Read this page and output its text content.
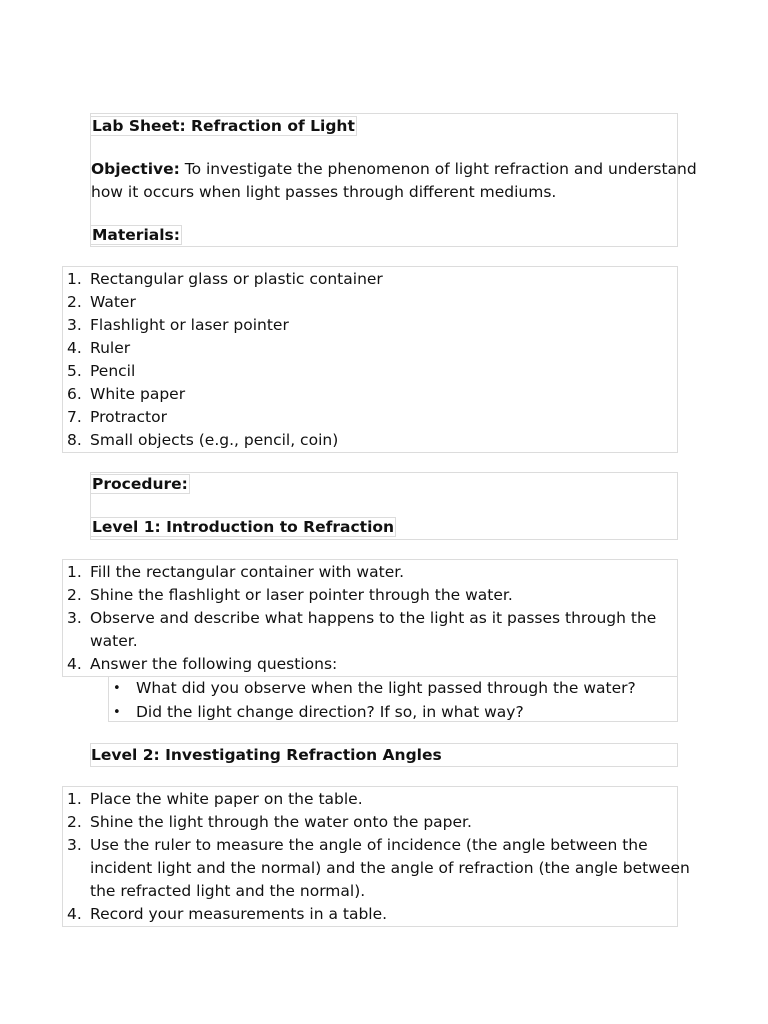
Lab Sheet: Refraction of Light
Objective: To investigate the phenomenon of light refraction and understand
how it occurs when light passes through different mediums.
Materials:
1. Rectangular glass or plastic container
2. Water
3. Flashlight or laser pointer
4. Ruler
5. Pencil
6. White paper
7. Protractor
8. Small objects (e.g., pencil, coin)
Procedure:
Level 1: Introduction to Refraction
1. Fill the rectangular container with water.
2. Shine the flashlight or laser pointer through the water.
3. Observe and describe what happens to the light as it passes through the
water.
4. Answer the following questions:
• What did you observe when the light passed through the water?
• Did the light change direction? If so, in what way?
Level 2: Investigating Refraction Angles
1. Place the white paper on the table.
2. Shine the light through the water onto the paper.
3. Use the ruler to measure the angle of incidence (the angle between the
incident light and the normal) and the angle of refraction (the angle between
the refracted light and the normal).
4. Record your measurements in a table.
